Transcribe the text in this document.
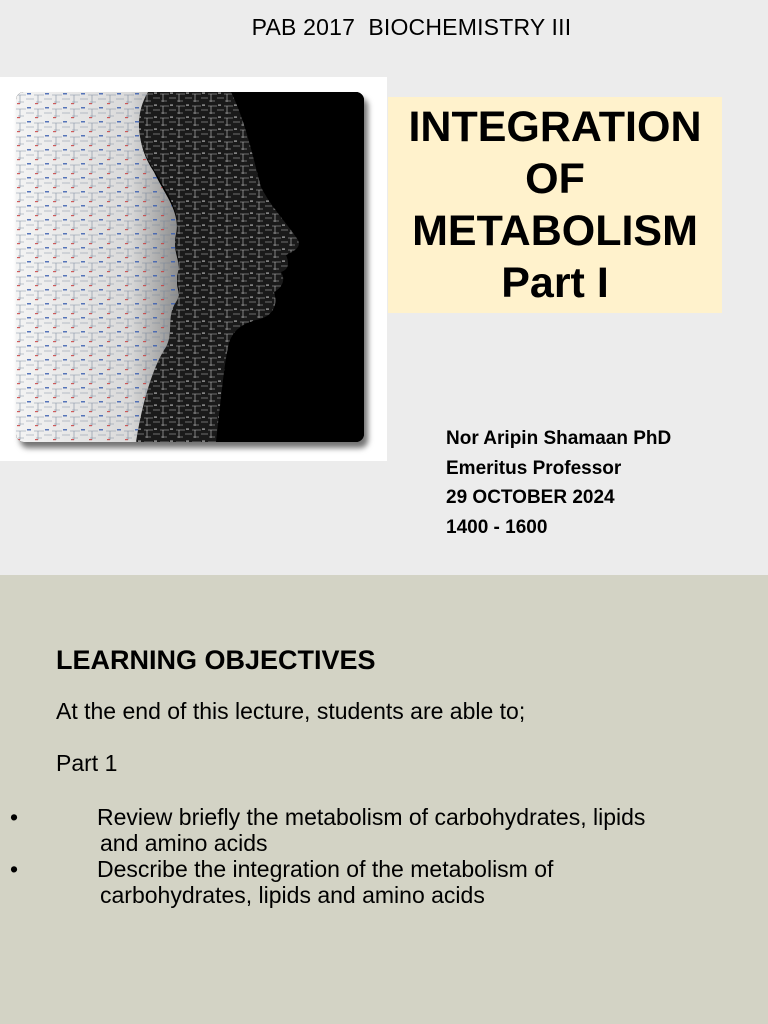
PAB 2017 BIOCHEMISTRY III
INTEGRATION
OF
METABOLISM
Part I
Nor Aripin Shamaan PhD
Emeritus Professor
29 OCTOBER 2024
1400 - 1600
LEARNING OBJECTIVES
At the end of this lecture, students are able to;
Part 1
•	Review briefly the metabolism of carbohydrates, lipids
and amino acids
•	Describe the integration of the metabolism of
carbohydrates, lipids and amino acids
